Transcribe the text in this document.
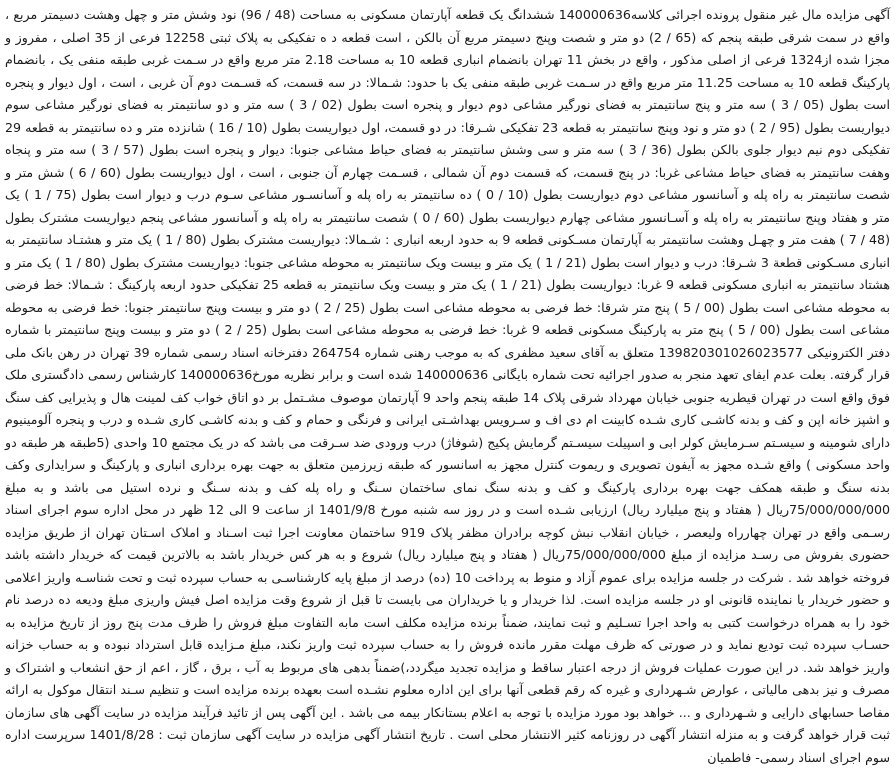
آگهی مزایده مال غیر منقول پرونده اجرائی کلاسه140000636 ششدانگ یک قطعه آپارتمان مسکونی به مساحت (48 / 96) نود وشش متر و چهل وهشت دسیمتر مربع ، واقع در سمت شرقی طبقه پنجم که (65 / 2) دو متر و شصت وپنج دسیمتر مربع آن بالکن ، است قطعه د ه تفکیکی به پلاک ثبتی 12258 فرعی از 35 اصلی ، مفروز و مجزا شده از1324 فرعی از اصلی مذکور ، واقع در بخش 11 تهران بانضمام انباری قطعه 10 به مساحت 2.18 متر مربع واقع در سـمت غربی طبقه منفی یک ، بانضمام پارکینگ قطعه 10 به مساحت 11.25 متر مربع واقع در سـمت غربی طبقه منفی یک با حدود: شـمالا: در سه قسمت، که قسـمت دوم آن غربی ، است ، اول دیوار و پنجره است بطول (05 / 3 ) سه متر و پنج سانتیمتر به فضای نورگیر مشاعی دوم دیوار و پنجره است بطول (02 / 3 ) سه متر و دو سانتیمتر به فضای نورگیر مشاعی سوم دیواریست بطول (95 / 2 ) دو متر و نود وپنج سانتیمتر به قطعه 23 تفکیکی شـرقا: در دو قسمت، اول دیواریست بطول (10 / 16 ) شانزده متر و ده سانتیمتر به قطعه 29 تفکیکی دوم نیم دیوار جلوی بالکن بطول (36 / 3 ) سه متر و سی وشش سانتیمتر به فضای حیاط مشاعی جنوبا: دیوار و پنجره است بطول (57 / 3 ) سه متر و پنجاه وهفت سانتیمتر به فضای حیاط مشاعی غربا: در پنج قسمت، که قسمت دوم آن شمالی ، قسـمت چهارم آن جنوبی ، است ، اول دیواریست بطول (60 / 6 ) شش متر و شصت سانتیمتر به راه پله و آسانسور مشاعی دوم دیواریست بطول (10 / 0 ) ده سانتیمتر به راه پله و آسانسـور مشاعی سـوم درب و دیوار است بطول (75 / 1 ) یک متر و هفتاد وپنج سانتیمتر به راه پله و آسـانسور مشاعی چهارم دیواریست بطول (60 / 0 ) شصت سانتیمتر به راه پله و آسانسور مشاعی پنجم دیواریست مشترک بطول (48 / 7 ) هفت متر و چهـل وهشت سانتیمتر به آپارتمان مسـکونی قطعه 9 به حدود اربعه انباری : شـمالا: دیواریست مشترک بطول (80 / 1 ) یک متر و هشتـاد سانتیمتر به انباری مسـکونی قطعة 3 شـرقا: درب و دیوار است بطول (21 / 1 ) یک متر و بیست ویک سانتیمتر به محوطه مشاعی جنوبا: دیواریست مشترک بطول (80 / 1 ) یک متر و هشتاد سانتیمتر به انباری مسکونی قطعه 9 غربا: دیواریست بطول (21 / 1 ) یک متر و بیست ویک سانتیمتر به قطعه 25 تفکیکی حدود اربعه پارکینگ : شـمالا: خط فرضی به محوطه مشاعی است بطول (00 / 5 ) پنج متر شرقا: خط فرضی به محوطه مشاعی است بطول (25 / 2 ) دو متر و بیست وپنج سانتیمتر جنوبا: خط فرضی به محوطه مشاعی است بطول (00 / 5 ) پنج متر به پارکینگ مسکونی قطعه 9 غربا: خط فرضی به محوطه مشاعی است بطول (25 / 2 ) دو متر و بیست وپنج سانتیمتر با شماره دفتر الکترونیکی 139820301026023577 متعلق به آقای سعید مظفری که به موجب رهنی شماره 264754 دفترخانه اسناد رسمی شماره 39 تهران در رهن بانک ملی قرار گرفته. بعلت عدم ایفای تعهد منجر به صدور اجرائیه تحت شماره بایگانی 140000636 شده است و برابر نظریه مورخ140000636 کارشناس رسمی دادگستری ملک فوق واقع است در تهران قیطریه جنوبی خیابان مهرداد شرقی پلاک 14 طبقه پنجم واحد 9 آپارتمان موصوف مشـتمل بر دو اتاق خواب کف لمینت هال و پذیرایی کف سنگ و اشپز خانه اپن و کف و بدنه کاشـی کاری شـده کابینت ام دی اف و سـرویس بهداشـتی ایرانی و فرنگی و حمام و کف و بدنه کاشـی کاری شـده و درب و پنجره آلومینیوم دارای شومینه و سیسـتم سـرمایش کولر ابی و اسپیلت سیسـتم گرمایش پکیج (شوفاژ) درب ورودی ضد سـرقت می باشد که در یک مجتمع 10 واحدی (5طبقه هر طبقه دو واحد مسکونی ) واقع شـده مجهز به آیفون تصویری و ریموت کنترل مجهز به اسانسور که طبقه زیرزمین متعلق به جهت بهره برداری انباری و پارکینگ و سرایداری وکف بدنه سنگ و طبقه همکف جهت بهره برداری پارکینگ و کف و بدنه سنگ نمای ساختمان سـنگ و راه پله کف و بدنه سـنگ و نرده استیل می باشد و به مبلغ 75/000/000/000ریال ( هفتاد و پنج میلیارد ریال) ارزیابی شـده است و در روز سه شنبه مورخ 1401/9/8 از ساعت 9 الی 12 ظهر در محل اداره سوم اجرای اسناد رسـمی واقع در تهران چهارراه ولیعصر ، خیابان انقلاب نبش کوچه برادران مظفر پلاک 919 ساختمان معاونت اجرا ثبت اسـناد و املاک اسـتان تهران از طریق مزایده حضوری بفروش می رسـد مزایده از مبلغ 75/000/000/000ریال ( هفتاد و پنج میلیارد ریال) شروع و به هر کس خریدار باشد به بالاترین قیمت که خریدار داشته باشد فروخته خواهد شد . شرکت در جلسه مزایده برای عموم آزاد و منوط به پرداخت 10 (ده) درصد از مبلغ پایه کارشناسـی به حساب سپرده ثبت و تحت شناسـه واریز اعلامی و حضور خریدار یا نماینده قانونی او در جلسه مزایده است. لذا خریدار و یا خریداران می بایست تا قبل از شروع وقت مزایده اصل فیش واریزی مبلغ ودیعه ده درصد نام خود را به همراه درخواست کتبی به واحد اجرا تسـلیم و ثبت نمایند، ضمناً برنده مزایده مکلف است مابه التفاوت مبلغ فروش را ظرف مدت پنج روز از تاریخ مزایده به حسـاب سپرده ثبت تودیع نماید و در صورتی که ظرف مهلت مقرر مانده فروش را به حساب سپرده ثبت واریز نکند، مبلغ مـزایده قابل استرداد نبوده و به حساب خزانه واریز خواهد شد. در این صورت عملیات فروش از درجه اعتبار ساقط و مزایده تجدید میگردد،)ضمناً بدهی های مربوط به آب ، برق ، گاز ، اعم از حق انشعاب و اشتراک و مصرف و نیز بدهی مالیاتی ، عوارض شـهرداری و غیره که رقم قطعی آنها برای این اداره معلوم نشـده است بعهده برنده مزایده است و تنظیم سـند انتقال موکول به ارائه مفاصا حسابهای دارایی و شـهرداری و ... خواهد بود مورد مزایده با توجه به اعلام بستانکار بیمه می باشد . این آگهی پس از تائید فرآیند مزایده در سایت آگهی های سازمان ثبت قرار خواهد گرفت و به منزله انتشار آگهی در روزنامه کثیر الانتشار محلی است . تاریخ انتشار آگهی مزایده در سایت آگهی سازمان ثبت : 1401/8/28 سرپرست اداره سوم اجرای اسناد رسمی- فاطمیان
